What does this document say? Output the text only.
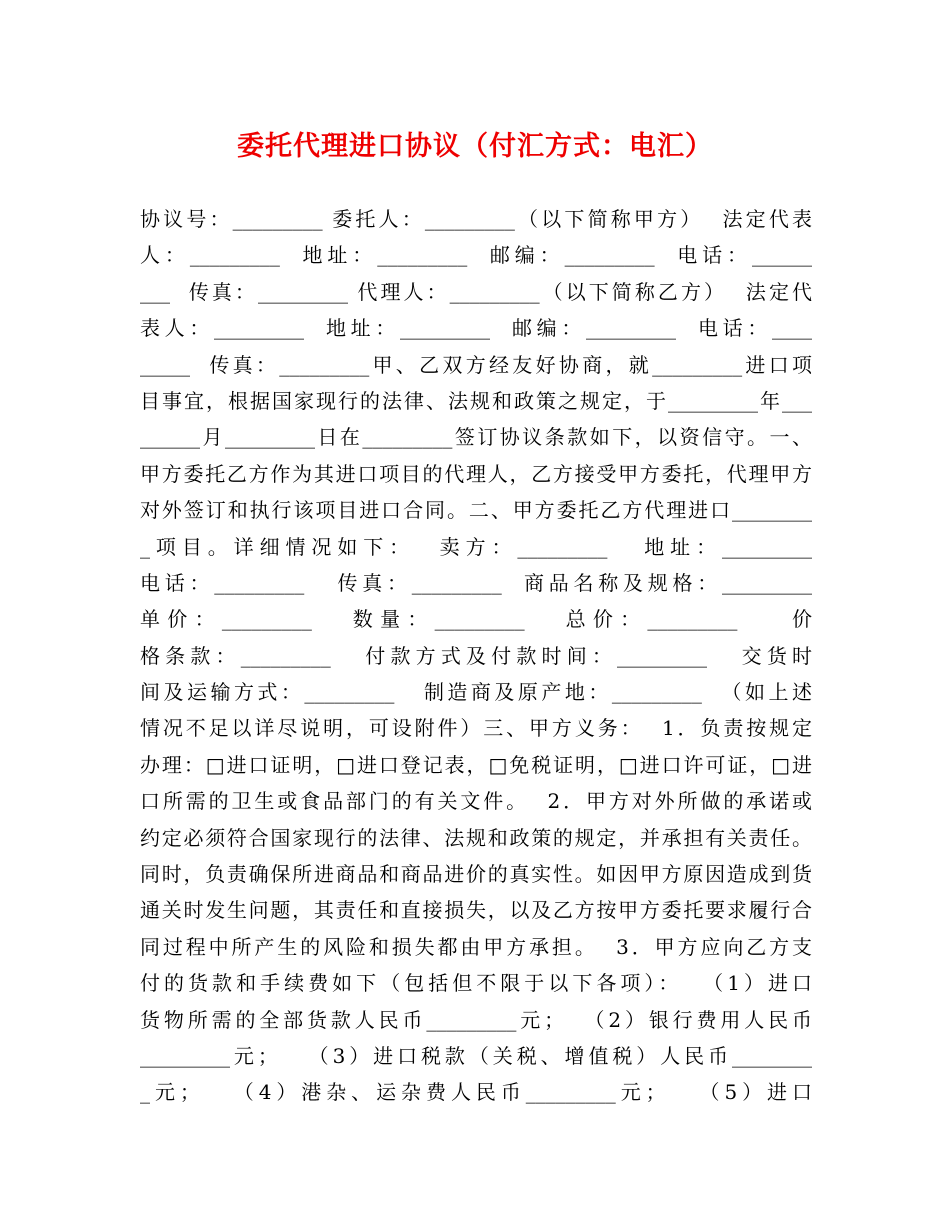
委托代理进口协议（付汇方式：电汇）
协议号：_________ 委托人：_________（以下简称甲方）  法定代表
人：_________  地址：_________  邮编：_________  电话：______
___  传真：_________ 代理人：_________（以下简称乙方）  法定代
表人：_________  地址：_________  邮编：_________  电话：____
_____  传真：_________甲、乙双方经友好协商，就_________进口项
目事宜，根据国家现行的法律、法规和政策之规定，于_________年___
______月_________日在_________签订协议条款如下，以资信守。一、
甲方委托乙方作为其进口项目的代理人，乙方接受甲方委托，代理甲方
对外签订和执行该项目进口合同。二、甲方委托乙方代理进口________
_项目。详细情况如下：  卖方：_________   地址：_________
电话：_________   传真：_________  商品名称及规格：_________
单价：_________   数量：_________   总价：_________    价
格条款：_________   付款方式及付款时间：_________   交货时
间及运输方式：_________   制造商及原产地：_________  （如上述
情况不足以详尽说明，可设附件）三、甲方义务：  1．负责按规定
办理：□进口证明，□进口登记表，□免税证明，□进口许可证，□进
口所需的卫生或食品部门的有关文件。  2．甲方对外所做的承诺或
约定必须符合国家现行的法律、法规和政策的规定，并承担有关责任。
同时，负责确保所进商品和商品进价的真实性。如因甲方原因造成到货
通关时发生问题，其责任和直接损失，以及乙方按甲方委托要求履行合
同过程中所产生的风险和损失都由甲方承担。  3．甲方应向乙方支
付的货款和手续费如下（包括但不限于以下各项）：  （1）进口
货物所需的全部货款人民币_________元；  （2）银行费用人民币
_________元；   （3）进口税款（关税、增值税）人民币________
_元；   （4）港杂、运杂费人民币_________元；   （5）进口
